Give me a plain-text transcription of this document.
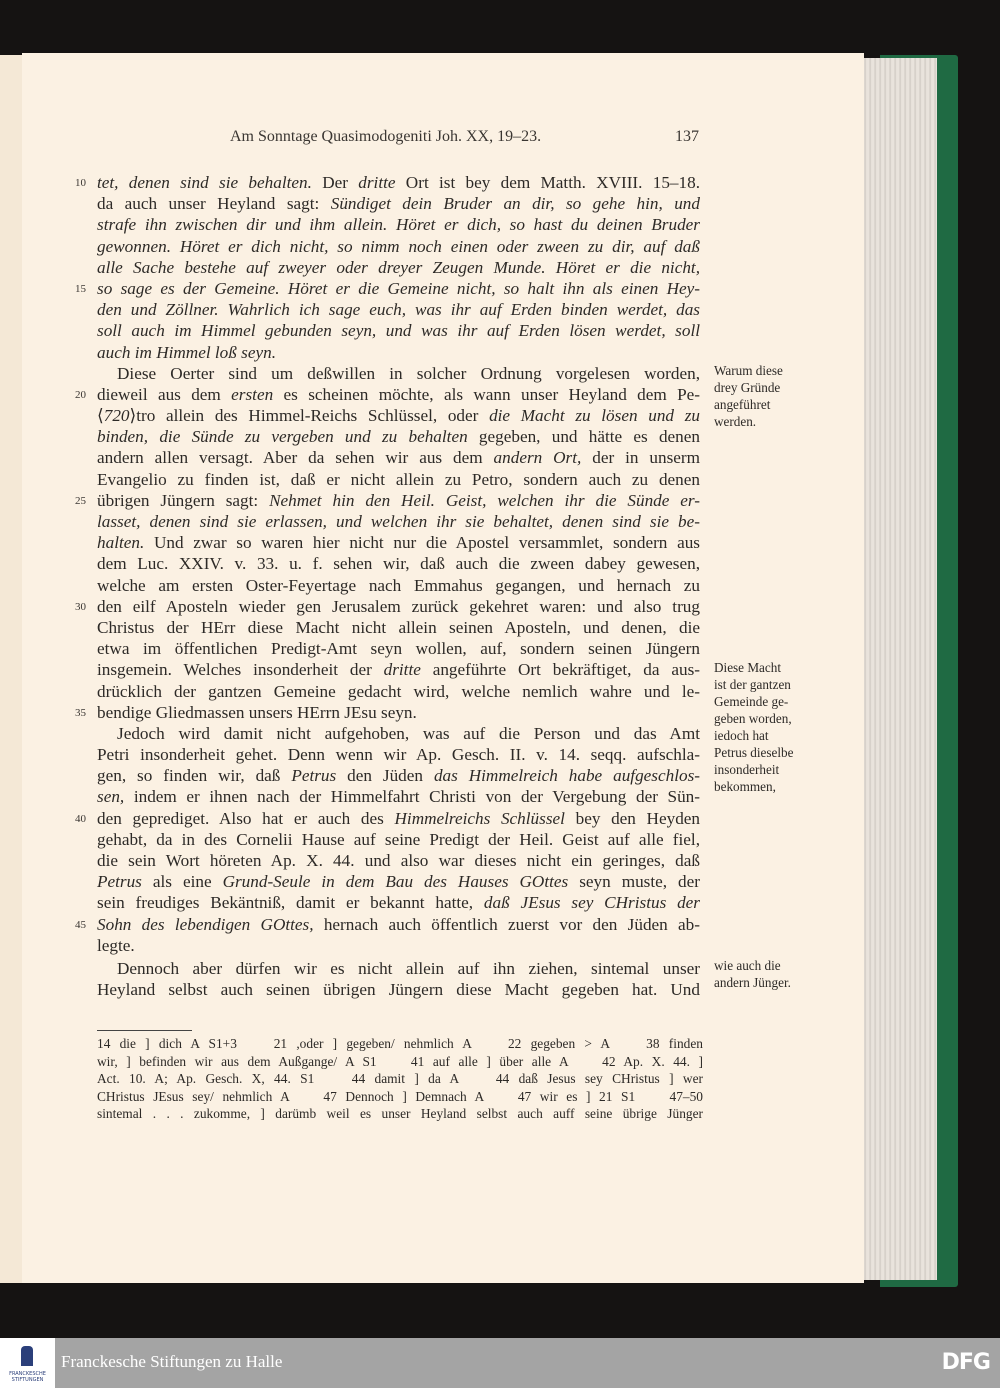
Am Sonntage Quasimodogeniti Joh. XX, 19–23.	137
10 tet, denen sind sie behalten. Der dritte Ort ist bey dem Matth. XVIII. 15–18.
da auch unser Heyland sagt: Sündiget dein Bruder an dir, so gehe hin, und
strafe ihn zwischen dir und ihm allein. Höret er dich, so hast du deinen Bruder
gewonnen. Höret er dich nicht, so nimm noch einen oder zween zu dir, auf daß
alle Sache bestehe auf zweyer oder dreyer Zeugen Munde. Höret er die nicht,
15 so sage es der Gemeine. Höret er die Gemeine nicht, so halt ihn als einen Hey-
den und Zöllner. Wahrlich ich sage euch, was ihr auf Erden binden werdet, das
soll auch im Himmel gebunden seyn, und was ihr auf Erden lösen werdet, soll
auch im Himmel loß seyn.
Diese Oerter sind um deßwillen in solcher Ordnung vorgelesen worden,
20 dieweil aus dem ersten es scheinen möchte, als wann unser Heyland dem Pe-
⟨720⟩tro allein des Himmel-Reichs Schlüssel, oder die Macht zu lösen und zu
binden, die Sünde zu vergeben und zu behalten gegeben, und hätte es denen
andern allen versagt. Aber da sehen wir aus dem andern Ort, der in unserm
Evangelio zu finden ist, daß er nicht allein zu Petro, sondern auch zu denen
25 übrigen Jüngern sagt: Nehmet hin den Heil. Geist, welchen ihr die Sünde er-
lasset, denen sind sie erlassen, und welchen ihr sie behaltet, denen sind sie be-
halten. Und zwar so waren hier nicht nur die Apostel versammlet, sondern aus
dem Luc. XXIV. v. 33. u. f. sehen wir, daß auch die zween dabey gewesen,
welche am ersten Oster-Feyertage nach Emmahus gegangen, und hernach zu
30 den eilf Aposteln wieder gen Jerusalem zurück gekehret waren: und also trug
Christus der HErr diese Macht nicht allein seinen Aposteln, und denen, die
etwa im öffentlichen Predigt-Amt seyn wollen, auf, sondern seinen Jüngern
insgemein. Welches insonderheit der dritte angeführte Ort bekräftiget, da aus-
drücklich der gantzen Gemeine gedacht wird, welche nemlich wahre und le-
35 bendige Gliedmassen unsers HErrn JEsu seyn.
Jedoch wird damit nicht aufgehoben, was auf die Person und das Amt
Petri insonderheit gehet. Denn wenn wir Ap. Gesch. II. v. 14. seqq. aufschla-
gen, so finden wir, daß Petrus den Jüden das Himmelreich habe aufgeschlos-
sen, indem er ihnen nach der Himmelfahrt Christi von der Vergebung der Sün-
40 den geprediget. Also hat er auch des Himmelreichs Schlüssel bey den Heyden
gehabt, da in des Cornelii Hause auf seine Predigt der Heil. Geist auf alle fiel,
die sein Wort höreten Ap. X. 44. und also war dieses nicht ein geringes, daß
Petrus als eine Grund-Seule in dem Bau des Hauses GOttes seyn muste, der
sein freudiges Bekäntniß, damit er bekannt hatte, daß JEsus sey CHristus der
45 Sohn des lebendigen GOttes, hernach auch öffentlich zuerst vor den Jüden ab-
legte.
Dennoch aber dürfen wir es nicht allein auf ihn ziehen, sintemal unser
Heyland selbst auch seinen übrigen Jüngern diese Macht gegeben hat. Und
Warum diese
drey Gründe
angeführet
werden.
Diese Macht
ist der gantzen
Gemeinde ge-
geben worden,
iedoch hat
Petrus dieselbe
insonderheit
bekommen,
wie auch die
andern Jünger.
14 die ] dich A S1+3    21 ,oder ] gegeben/ nehmlich A    22 gegeben > A    38 finden
wir, ] befinden wir aus dem Außgange/ A S1    41 auf alle ] über alle A    42 Ap. X. 44. ]
Act. 10. A; Ap. Gesch. X, 44. S1    44 damit ] da A    44 daß Jesus sey CHristus ] wer
CHristus JEsus sey/ nehmlich A    47 Dennoch ] Demnach A    47 wir es ] 21 S1    47–50
sintemal . . . zukomme, ] darümb weil es unser Heyland selbst auch auff seine übrige Jünger
FRANCKESCHE STIFTUNGEN
Franckesche Stiftungen zu Halle	DFG
